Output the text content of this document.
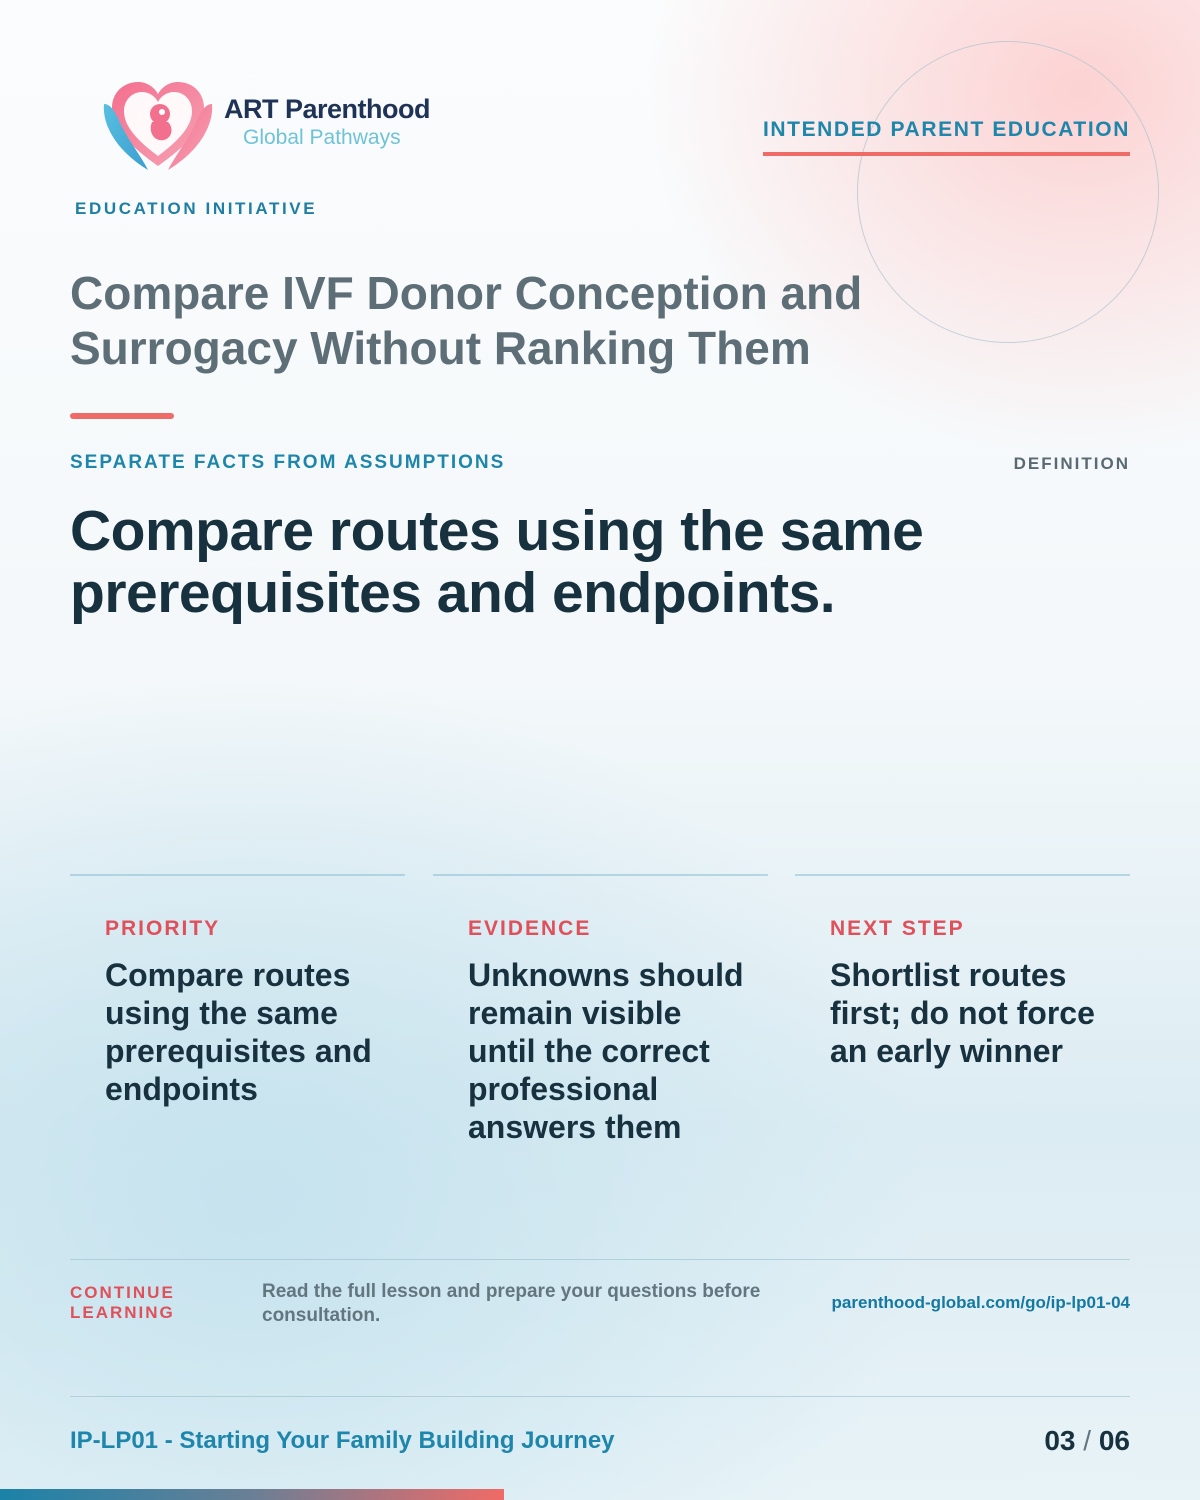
ART Parenthood
Global Pathways
EDUCATION INITIATIVE
INTENDED PARENT EDUCATION
Compare IVF Donor Conception and Surrogacy Without Ranking Them
SEPARATE FACTS FROM ASSUMPTIONS	DEFINITION
Compare routes using the same prerequisites and endpoints.
PRIORITY
Compare routes using the same prerequisites and endpoints
EVIDENCE
Unknowns should remain visible until the correct professional answers them
NEXT STEP
Shortlist routes first; do not force an early winner
CONTINUE LEARNING
Read the full lesson and prepare your questions before consultation.
parenthood-global.com/go/ip-lp01-04
IP-LP01 - Starting Your Family Building Journey	03 / 06
